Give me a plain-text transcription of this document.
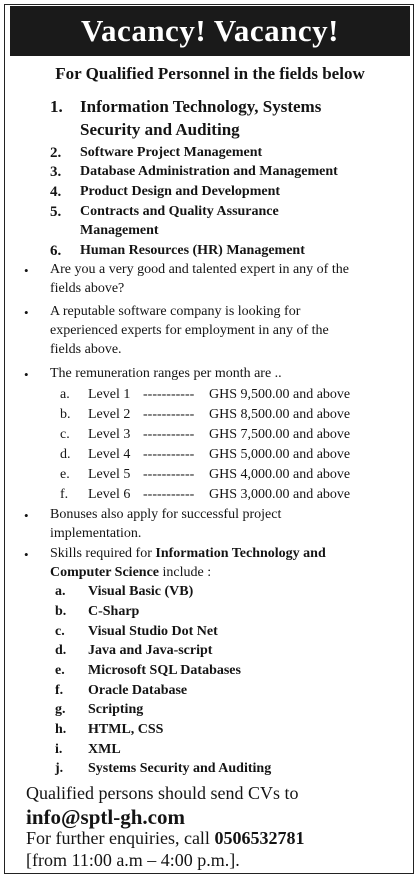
Vacancy! Vacancy!
For Qualified Personnel in the fields below
1. Information Technology, Systems
Security and Auditing
2. Software Project Management
3. Database Administration and Management
4. Product Design and Development
5. Contracts and Quality Assurance
Management
6. Human Resources (HR) Management
• Are you a very good and talented expert in any of the
fields above?
• A reputable software company is looking for
experienced experts for employment in any of the
fields above.
• The remuneration ranges per month are ..
a. Level 1 ----------- GHS 9,500.00 and above
b. Level 2 ----------- GHS 8,500.00 and above
c. Level 3 ----------- GHS 7,500.00 and above
d. Level 4 ----------- GHS 5,000.00 and above
e. Level 5 ----------- GHS 4,000.00 and above
f. Level 6 ----------- GHS 3,000.00 and above
• Bonuses also apply for successful project
implementation.
• Skills required for Information Technology and
Computer Science include :
a. Visual Basic (VB)
b. C-Sharp
c. Visual Studio Dot Net
d. Java and Java-script
e. Microsoft SQL Databases
f. Oracle Database
g. Scripting
h. HTML, CSS
i. XML
j. Systems Security and Auditing
Qualified persons should send CVs to
info@sptl-gh.com
For further enquiries, call 0506532781
[from 11:00 a.m – 4:00 p.m.].
